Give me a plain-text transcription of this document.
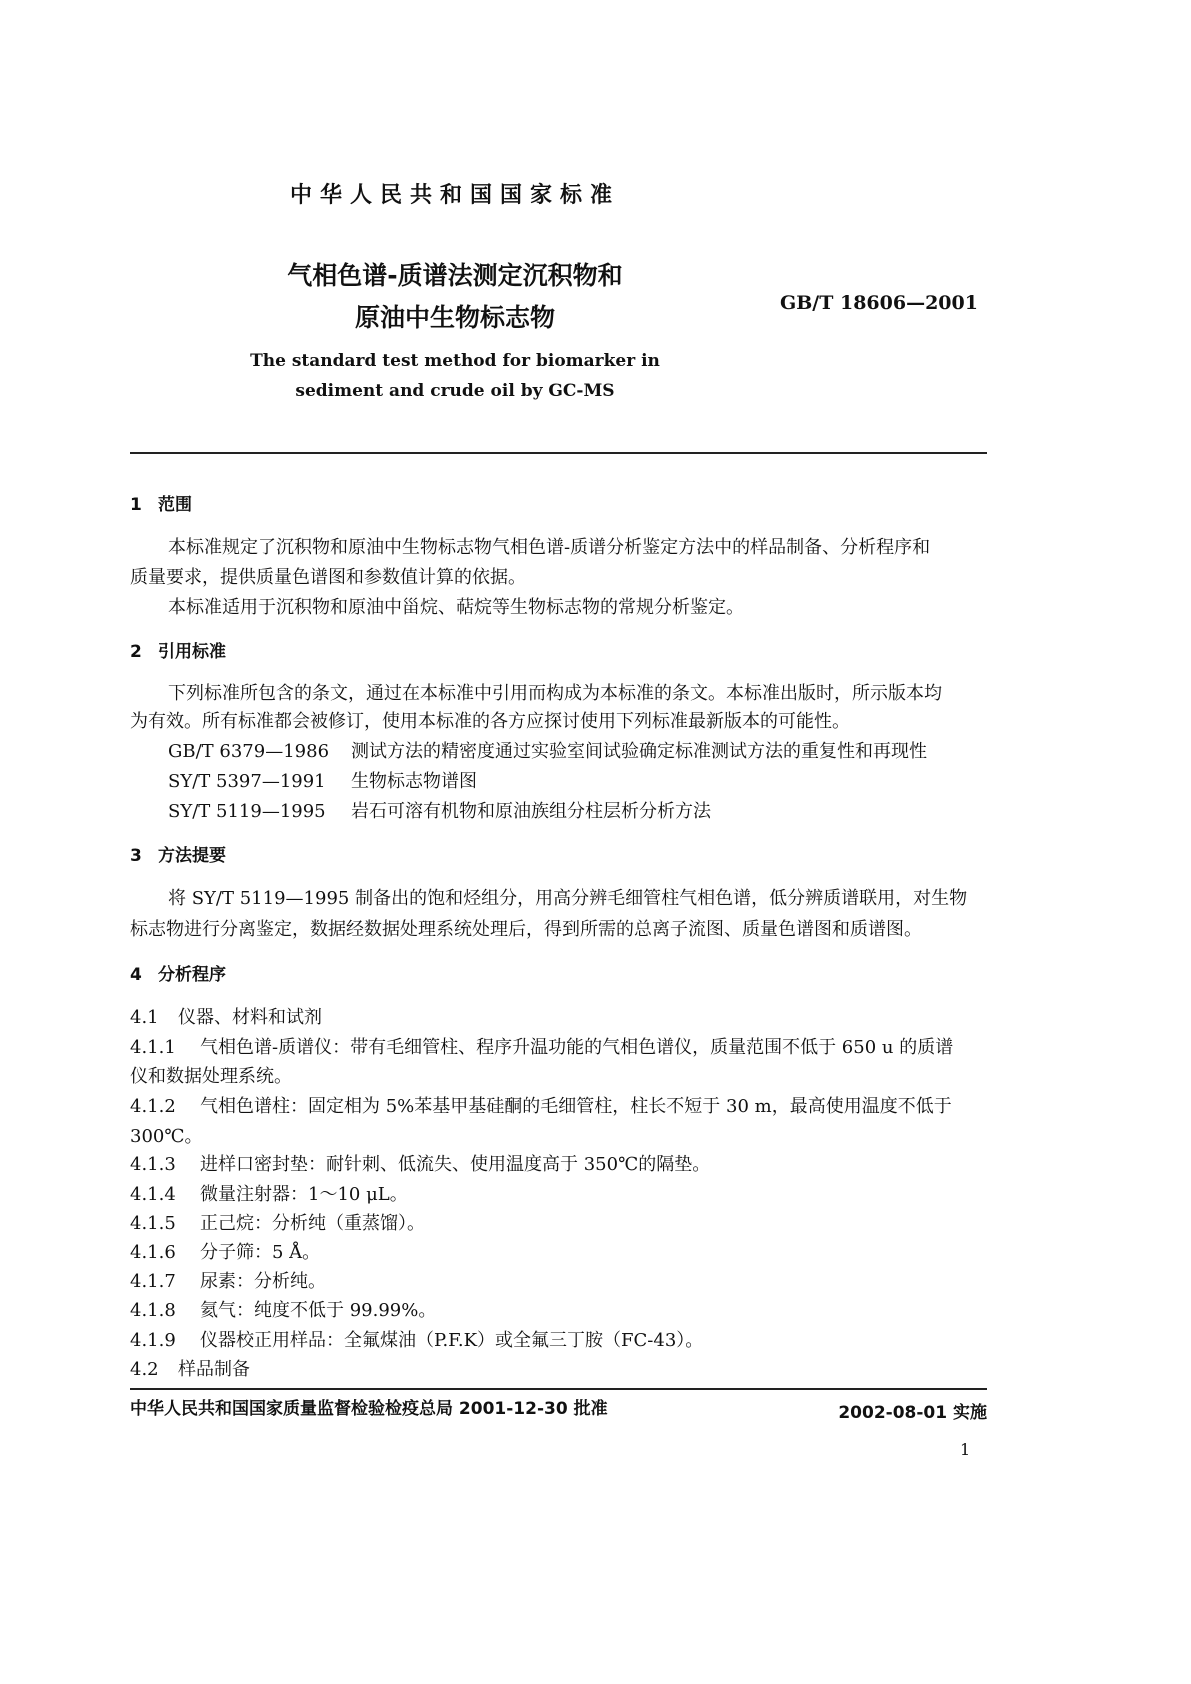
中华人民共和国国家标准
气相色谱-质谱法测定沉积物和
原油中生物标志物	GB/T 18606—2001
The standard test method for biomarker in
sediment and crude oil by GC-MS
1 范围
本标准规定了沉积物和原油中生物标志物气相色谱-质谱分析鉴定方法中的样品制备、分析程序和
质量要求，提供质量色谱图和参数值计算的依据。
本标准适用于沉积物和原油中甾烷、萜烷等生物标志物的常规分析鉴定。
2 引用标准
下列标准所包含的条文，通过在本标准中引用而构成为本标准的条文。本标准出版时，所示版本均
为有效。所有标准都会被修订，使用本标准的各方应探讨使用下列标准最新版本的可能性。
GB/T 6379—1986 测试方法的精密度通过实验室间试验确定标准测试方法的重复性和再现性
SY/T 5397—1991 生物标志物谱图
SY/T 5119—1995 岩石可溶有机物和原油族组分柱层析分析方法
3 方法提要
将 SY/T 5119—1995 制备出的饱和烃组分，用高分辨毛细管柱气相色谱，低分辨质谱联用，对生物
标志物进行分离鉴定，数据经数据处理系统处理后，得到所需的总离子流图、质量色谱图和质谱图。
4 分析程序
4.1 仪器、材料和试剂
4.1.1 气相色谱-质谱仪：带有毛细管柱、程序升温功能的气相色谱仪，质量范围不低于 650 u 的质谱
仪和数据处理系统。
4.1.2 气相色谱柱：固定相为 5%苯基甲基硅酮的毛细管柱，柱长不短于 30 m，最高使用温度不低于
300℃。
4.1.3 进样口密封垫：耐针刺、低流失、使用温度高于 350℃的隔垫。
4.1.4 微量注射器：1～10 μL。
4.1.5 正己烷：分析纯（重蒸馏）。
4.1.6 分子筛：5 Å。
4.1.7 尿素：分析纯。
4.1.8 氦气：纯度不低于 99.99%。
4.1.9 仪器校正用样品：全氟煤油（P.F.K）或全氟三丁胺（FC-43）。
4.2 样品制备
中华人民共和国国家质量监督检验检疫总局 2001-12-30 批准	2002-08-01 实施
1
